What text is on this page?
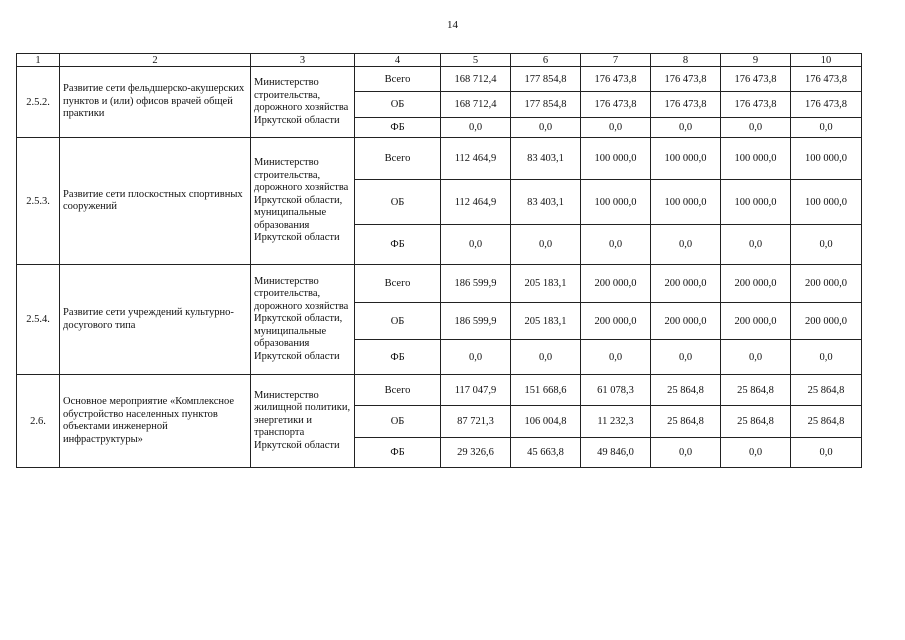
14
1	2	3	4	5	6	7	8	9	10
2.5.2.	Развитие сети фельдшерско-акушерских пунктов и (или) офисов врачей общей практики	Министерство строительства, дорожного хозяйства Иркутской области	Всего	168 712,4	177 854,8	176 473,8	176 473,8	176 473,8	176 473,8
			ОБ	168 712,4	177 854,8	176 473,8	176 473,8	176 473,8	176 473,8
			ФБ	0,0	0,0	0,0	0,0	0,0	0,0
2.5.3.	Развитие сети плоскостных спортивных сооружений	Министерство строительства, дорожного хозяйства Иркутской области, муниципальные образования Иркутской области	Всего	112 464,9	83 403,1	100 000,0	100 000,0	100 000,0	100 000,0
			ОБ	112 464,9	83 403,1	100 000,0	100 000,0	100 000,0	100 000,0
			ФБ	0,0	0,0	0,0	0,0	0,0	0,0
2.5.4.	Развитие сети учреждений культурно-досугового типа	Министерство строительства, дорожного хозяйства Иркутской области, муниципальные образования Иркутской области	Всего	186 599,9	205 183,1	200 000,0	200 000,0	200 000,0	200 000,0
			ОБ	186 599,9	205 183,1	200 000,0	200 000,0	200 000,0	200 000,0
			ФБ	0,0	0,0	0,0	0,0	0,0	0,0
2.6.	Основное мероприятие «Комплексное обустройство населенных пунктов объектами инженерной инфраструктуры»	Министерство жилищной политики, энергетики и транспорта Иркутской области	Всего	117 047,9	151 668,6	61 078,3	25 864,8	25 864,8	25 864,8
			ОБ	87 721,3	106 004,8	11 232,3	25 864,8	25 864,8	25 864,8
			ФБ	29 326,6	45 663,8	49 846,0	0,0	0,0	0,0
